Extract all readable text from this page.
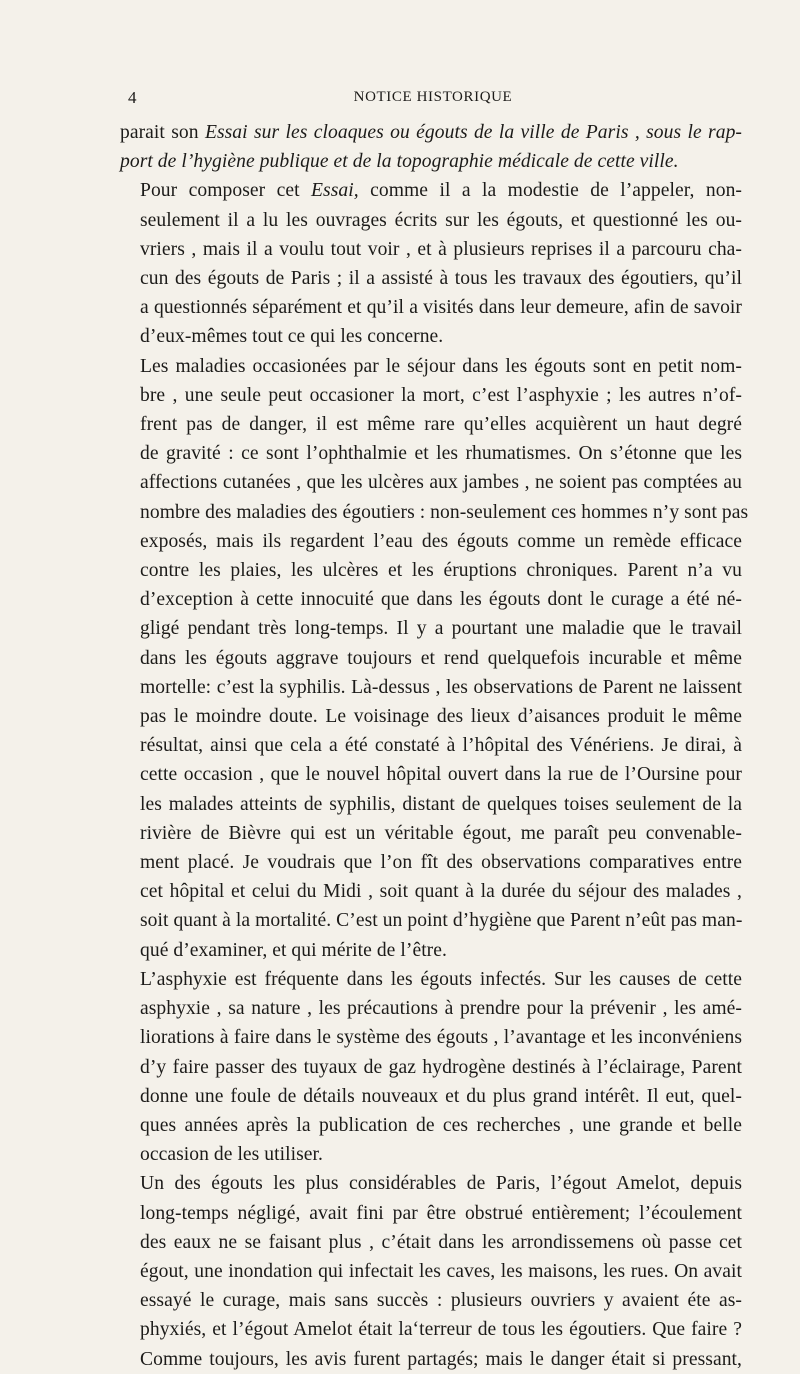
4	NOTICE HISTORIQUE

parait son Essai sur les cloaques ou égouts de la ville de Paris , sous le rap-
port de l’hygiène publique et de la topographie médicale de cette ville.

Pour composer cet Essai, comme il a la modestie de l’appeler, non-
seulement il a lu les ouvrages écrits sur les égouts, et questionné les ou-
vriers , mais il a voulu tout voir , et à plusieurs reprises il a parcouru cha-
cun des égouts de Paris ; il a assisté à tous les travaux des égoutiers, qu’il
a questionnés séparément et qu’il a visités dans leur demeure, afin de savoir
d’eux-mêmes tout ce qui les concerne.

Les maladies occasionées par le séjour dans les égouts sont en petit nom-
bre , une seule peut occasioner la mort, c’est l’asphyxie ; les autres n’of-
frent pas de danger, il est même rare qu’elles acquièrent un haut degré
de gravité : ce sont l’ophthalmie et les rhumatismes. On s’étonne que les
affections cutanées , que les ulcères aux jambes , ne soient pas comptées au
nombre des maladies des égoutiers : non-seulement ces hommes n’y sont pas
exposés, mais ils regardent l’eau des égouts comme un remède efficace
contre les plaies, les ulcères et les éruptions chroniques. Parent n’a vu
d’exception à cette innocuité que dans les égouts dont le curage a été né-
gligé pendant très long-temps. Il y a pourtant une maladie que le travail
dans les égouts aggrave toujours et rend quelquefois incurable et même
mortelle: c’est la syphilis. Là-dessus , les observations de Parent ne laissent
pas le moindre doute. Le voisinage des lieux d’aisances produit le même
résultat, ainsi que cela a été constaté à l’hôpital des Vénériens. Je dirai, à
cette occasion , que le nouvel hôpital ouvert dans la rue de l’Oursine pour
les malades atteints de syphilis, distant de quelques toises seulement de la
rivière de Bièvre qui est un véritable égout, me paraît peu convenable-
ment placé. Je voudrais que l’on fît des observations comparatives entre
cet hôpital et celui du Midi , soit quant à la durée du séjour des malades ,
soit quant à la mortalité. C’est un point d’hygiène que Parent n’eût pas man-
qué d’examiner, et qui mérite de l’être.

L’asphyxie est fréquente dans les égouts infectés. Sur les causes de cette
asphyxie , sa nature , les précautions à prendre pour la prévenir , les amé-
liorations à faire dans le système des égouts , l’avantage et les inconvéniens
d’y faire passer des tuyaux de gaz hydrogène destinés à l’éclairage, Parent
donne une foule de détails nouveaux et du plus grand intérêt. Il eut, quel-
ques années après la publication de ces recherches , une grande et belle
occasion de les utiliser.

Un des égouts les plus considérables de Paris, l’égout Amelot, depuis
long-temps négligé, avait fini par être obstrué entièrement; l’écoulement
des eaux ne se faisant plus , c’était dans les arrondissemens où passe cet
égout, une inondation qui infectait les caves, les maisons, les rues. On avait
essayé le curage, mais sans succès : plusieurs ouvriers y avaient éte as-
phyxiés, et l’égout Amelot était la‘terreur de tous les égoutiers. Que faire ?
Comme toujours, les avis furent partagés; mais le danger était si pressant,
